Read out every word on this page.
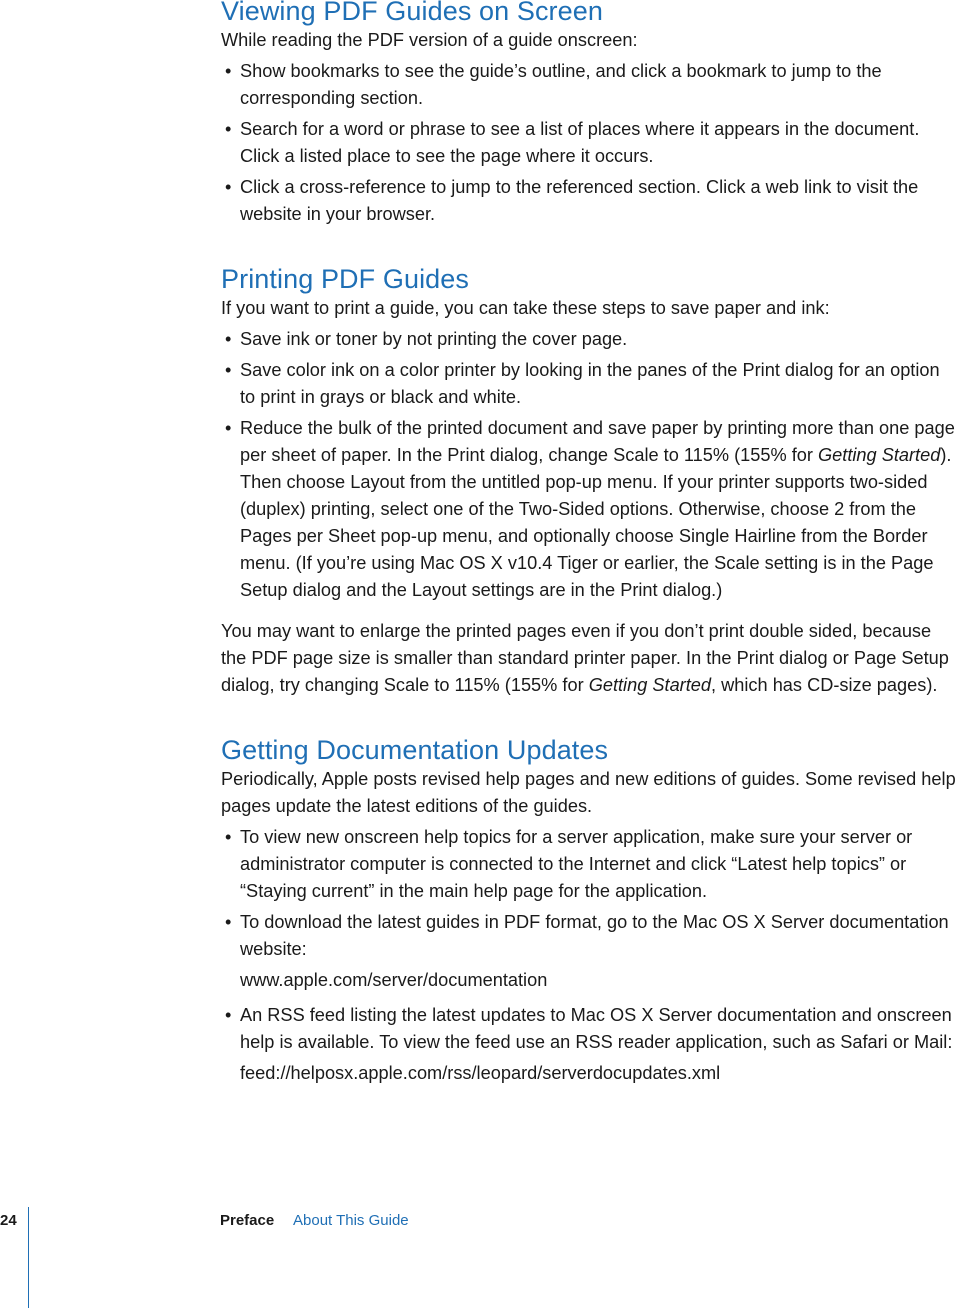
Viewing PDF Guides on Screen

While reading the PDF version of a guide onscreen:

• Show bookmarks to see the guide’s outline, and click a bookmark to jump to the corresponding section.
• Search for a word or phrase to see a list of places where it appears in the document. Click a listed place to see the page where it occurs.
• Click a cross-reference to jump to the referenced section. Click a web link to visit the website in your browser.
Printing PDF Guides

If you want to print a guide, you can take these steps to save paper and ink:

• Save ink or toner by not printing the cover page.
• Save color ink on a color printer by looking in the panes of the Print dialog for an option to print in grays or black and white.
• Reduce the bulk of the printed document and save paper by printing more than one page per sheet of paper. In the Print dialog, change Scale to 115% (155% for Getting Started). Then choose Layout from the untitled pop-up menu. If your printer supports two-sided (duplex) printing, select one of the Two-Sided options. Otherwise, choose 2 from the Pages per Sheet pop-up menu, and optionally choose Single Hairline from the Border menu. (If you’re using Mac OS X v10.4 Tiger or earlier, the Scale setting is in the Page Setup dialog and the Layout settings are in the Print dialog.)

You may want to enlarge the printed pages even if you don’t print double sided, because the PDF page size is smaller than standard printer paper. In the Print dialog or Page Setup dialog, try changing Scale to 115% (155% for Getting Started, which has CD-size pages).

Getting Documentation Updates

Periodically, Apple posts revised help pages and new editions of guides. Some revised help pages update the latest editions of the guides.

• To view new onscreen help topics for a server application, make sure your server or administrator computer is connected to the Internet and click “Latest help topics” or “Staying current” in the main help page for the application.
• To download the latest guides in PDF format, go to the Mac OS X Server documentation website:
www.apple.com/server/documentation
• An RSS feed listing the latest updates to Mac OS X Server documentation and onscreen help is available. To view the feed use an RSS reader application, such as Safari or Mail:
feed://helposx.apple.com/rss/leopard/serverdocupdates.xml
24	Preface About This Guide
